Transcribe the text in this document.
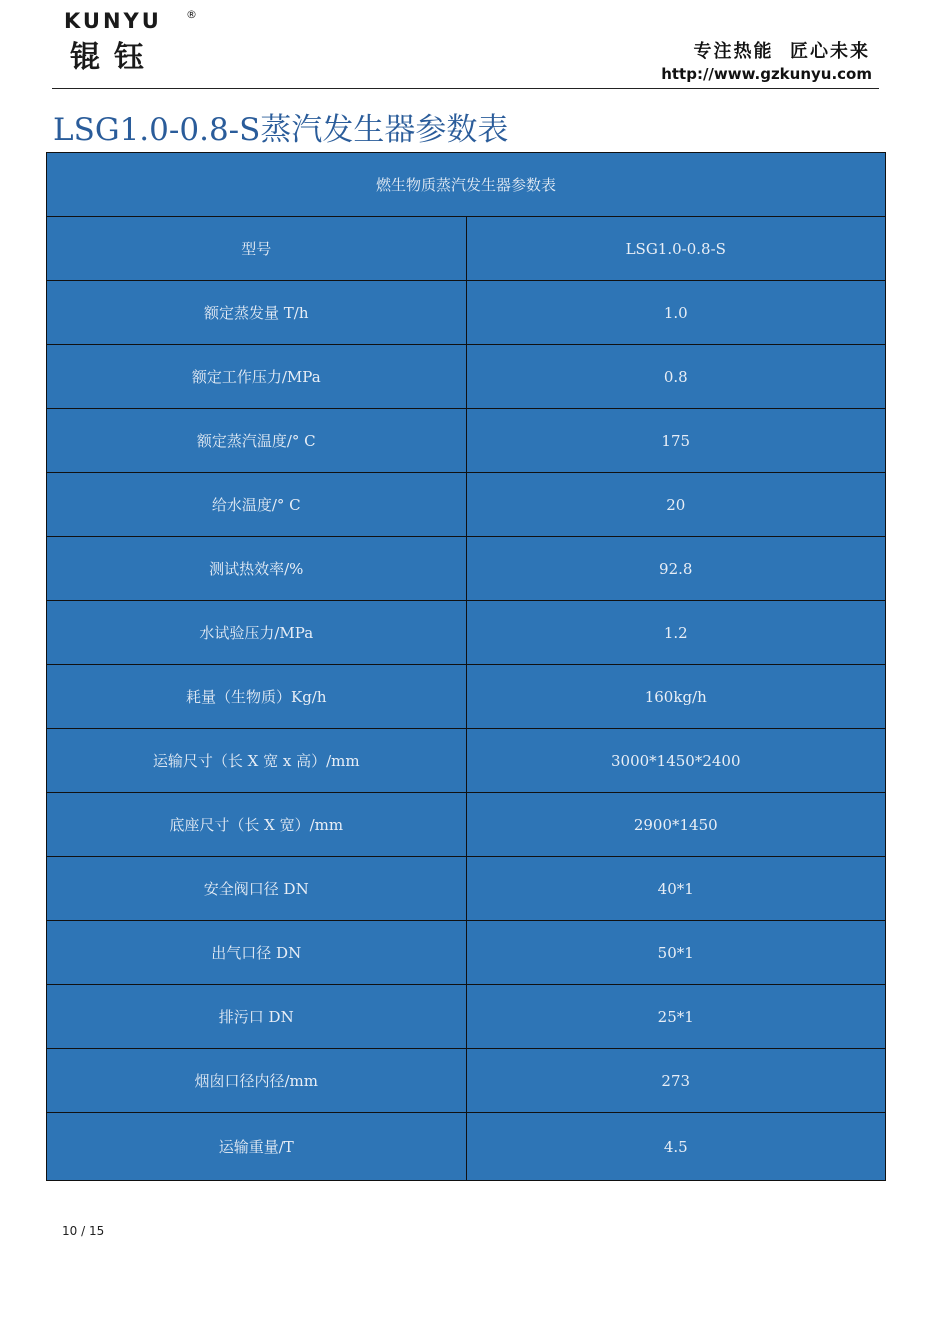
KUNYU ®
锟钰	专注热能  匠心未来
http://www.gzkunyu.com
LSG1.0-0.8-S蒸汽发生器参数表
燃生物质蒸汽发生器参数表	
型号	LSG1.0-0.8-S
额定蒸发量 T/h	1.0
额定工作压力/MPa	0.8
额定蒸汽温度/° C	175
给水温度/° C	20
测试热效率/%	92.8
水试验压力/MPa	1.2
耗量（生物质）Kg/h	160kg/h
运输尺寸（长 X 宽 x 高）/mm	3000*1450*2400
底座尺寸（长 X 宽）/mm	2900*1450
安全阀口径 DN	40*1
出气口径 DN	50*1
排污口 DN	25*1
烟囱口径内径/mm	273
运输重量/T	4.5
10 / 15
